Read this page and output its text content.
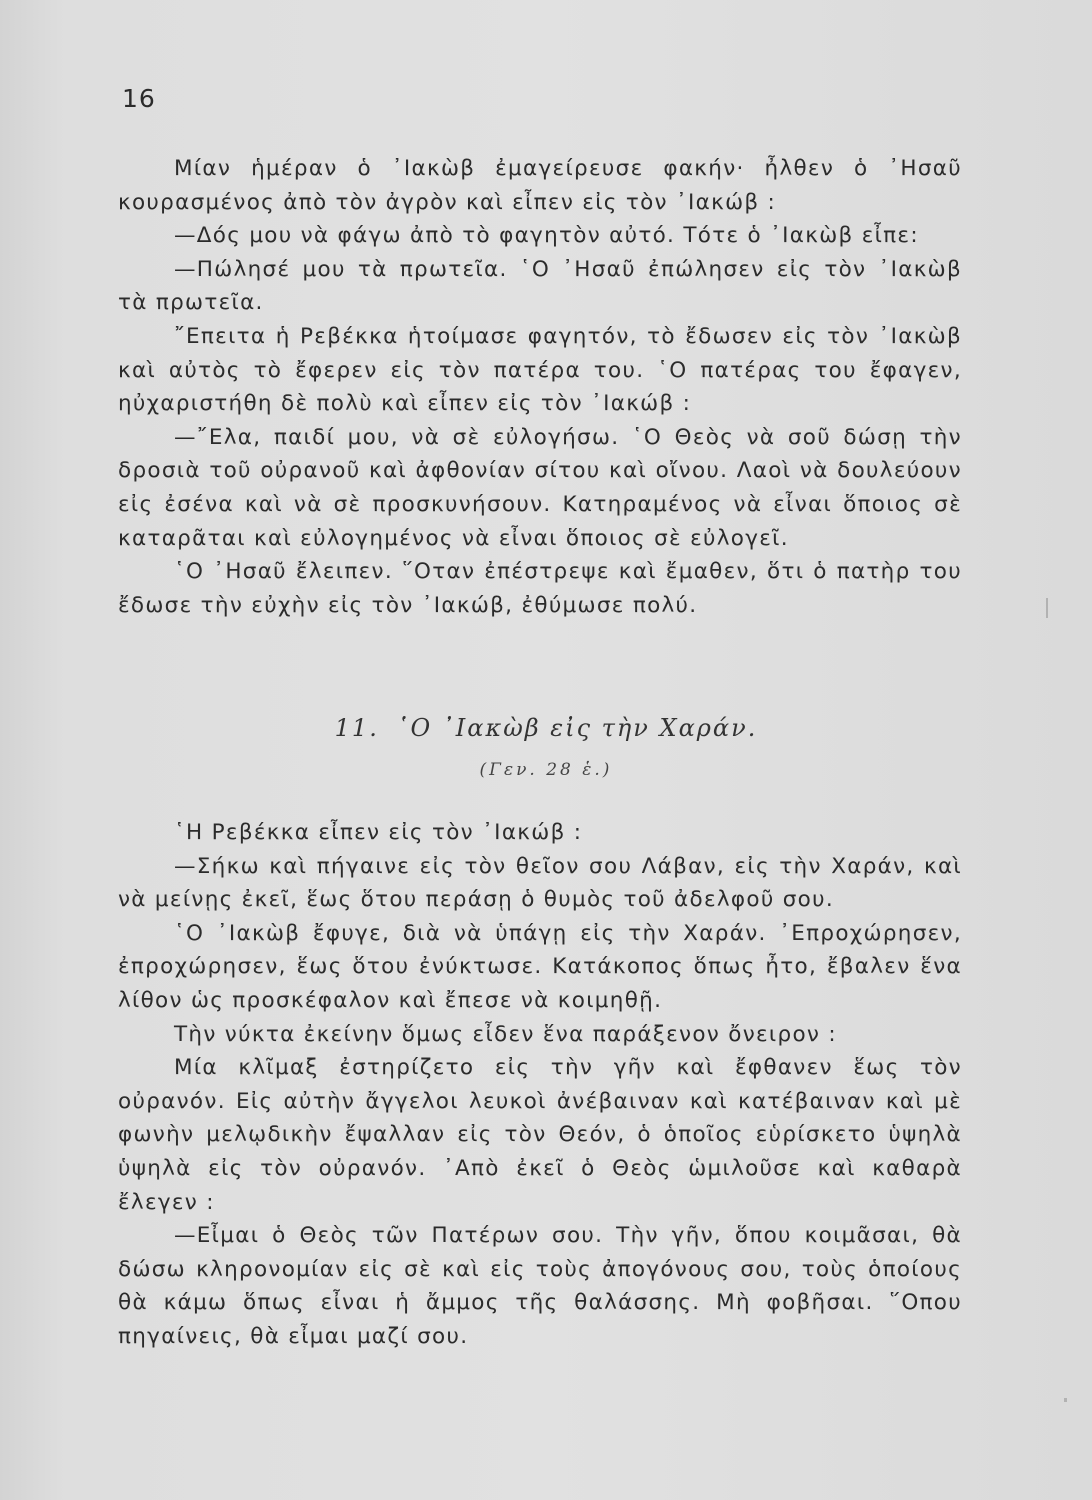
16

Μίαν ἡμέραν ὁ ᾿Ιακὼβ ἐμαγείρευσε φακήν· ἦλθεν ὁ ᾿Ησαῦ κουρασμένος ἀπὸ τὸν ἀγρὸν καὶ εἶπεν εἰς τὸν ᾿Ιακώβ :

—Δός μου νὰ φάγω ἀπὸ τὸ φαγητὸν αὐτό. Τότε ὁ ᾿Ιακὼβ εἶπε:

—Πώλησέ μου τὰ πρωτεῖα. ῾Ο ᾿Ησαῦ ἐπώλησεν εἰς τὸν ᾿Ιακὼβ τὰ πρωτεῖα.

῎Επειτα ἡ Ρεβέκκα ἡτοίμασε φαγητόν, τὸ ἔδωσεν εἰς τὸν ᾿Ιακὼβ καὶ αὐτὸς τὸ ἔφερεν εἰς τὸν πατέρα του. ῾Ο πατέρας του ἔφαγεν, ηὐχαριστήθη δὲ πολὺ καὶ εἶπεν εἰς τὸν ᾿Ιακώβ :

—῎Ελα, παιδί μου, νὰ σὲ εὐλογήσω. ῾Ο Θεὸς νὰ σοῦ δώσῃ τὴν δροσιὰ τοῦ οὐρανοῦ καὶ ἀφθονίαν σίτου καὶ οἴνου. Λαοὶ νὰ δουλεύουν εἰς ἐσένα καὶ νὰ σὲ προσκυνήσουν. Κατηραμένος νὰ εἶναι ὅποιος σὲ καταρᾶται καὶ εὐλογημένος νὰ εἶναι ὅποιος σὲ εὐλογεῖ.

῾Ο ᾿Ησαῦ ἔλειπεν. ῞Οταν ἐπέστρεψε καὶ ἔμαθεν, ὅτι ὁ πατὴρ του ἔδωσε τὴν εὐχὴν εἰς τὸν ᾿Ιακώβ, ἐθύμωσε πολύ.

11. ῾Ο ᾿Ιακὼβ εἰς τὴν Χαράν.
(Γεν. 28 ἑ.)

῾Η Ρεβέκκα εἶπεν εἰς τὸν ᾿Ιακώβ :

—Σήκω καὶ πήγαινε εἰς τὸν θεῖον σου Λάβαν, εἰς τὴν Χαράν, καὶ νὰ μείνῃς ἐκεῖ, ἕως ὅτου περάσῃ ὁ θυμὸς τοῦ ἀδελφοῦ σου.

῾Ο ᾿Ιακὼβ ἔφυγε, διὰ νὰ ὑπάγῃ εἰς τὴν Χαράν. ᾿Επροχώρησεν, ἐπροχώρησεν, ἕως ὅτου ἐνύκτωσε. Κατάκοπος ὅπως ἦτο, ἔβαλεν ἕνα λίθον ὡς προσκέφαλον καὶ ἔπεσε νὰ κοιμηθῇ.

Τὴν νύκτα ἐκείνην ὅμως εἶδεν ἕνα παράξενον ὄνειρον :

Μία κλῖμαξ ἐστηρίζετο εἰς τὴν γῆν καὶ ἔφθανεν ἕως τὸν οὐρανόν. Εἰς αὐτὴν ἄγγελοι λευκοὶ ἀνέβαιναν καὶ κατέβαιναν καὶ μὲ φωνὴν μελῳδικὴν ἔψαλλαν εἰς τὸν Θεόν, ὁ ὁποῖος εὑρίσκετο ὑψηλὰ ὑψηλὰ εἰς τὸν οὐρανόν. ᾿Απὸ ἐκεῖ ὁ Θεὸς ὡμιλοῦσε καὶ καθαρὰ ἔλεγεν :

—Εἶμαι ὁ Θεὸς τῶν Πατέρων σου. Τὴν γῆν, ὅπου κοιμᾶσαι, θὰ δώσω κληρονομίαν εἰς σὲ καὶ εἰς τοὺς ἀπογόνους σου, τοὺς ὁποίους θὰ κάμω ὅπως εἶναι ἡ ἄμμος τῆς θαλάσσης. Μὴ φοβῆσαι. ῞Οπου πηγαίνεις, θὰ εἶμαι μαζί σου.
